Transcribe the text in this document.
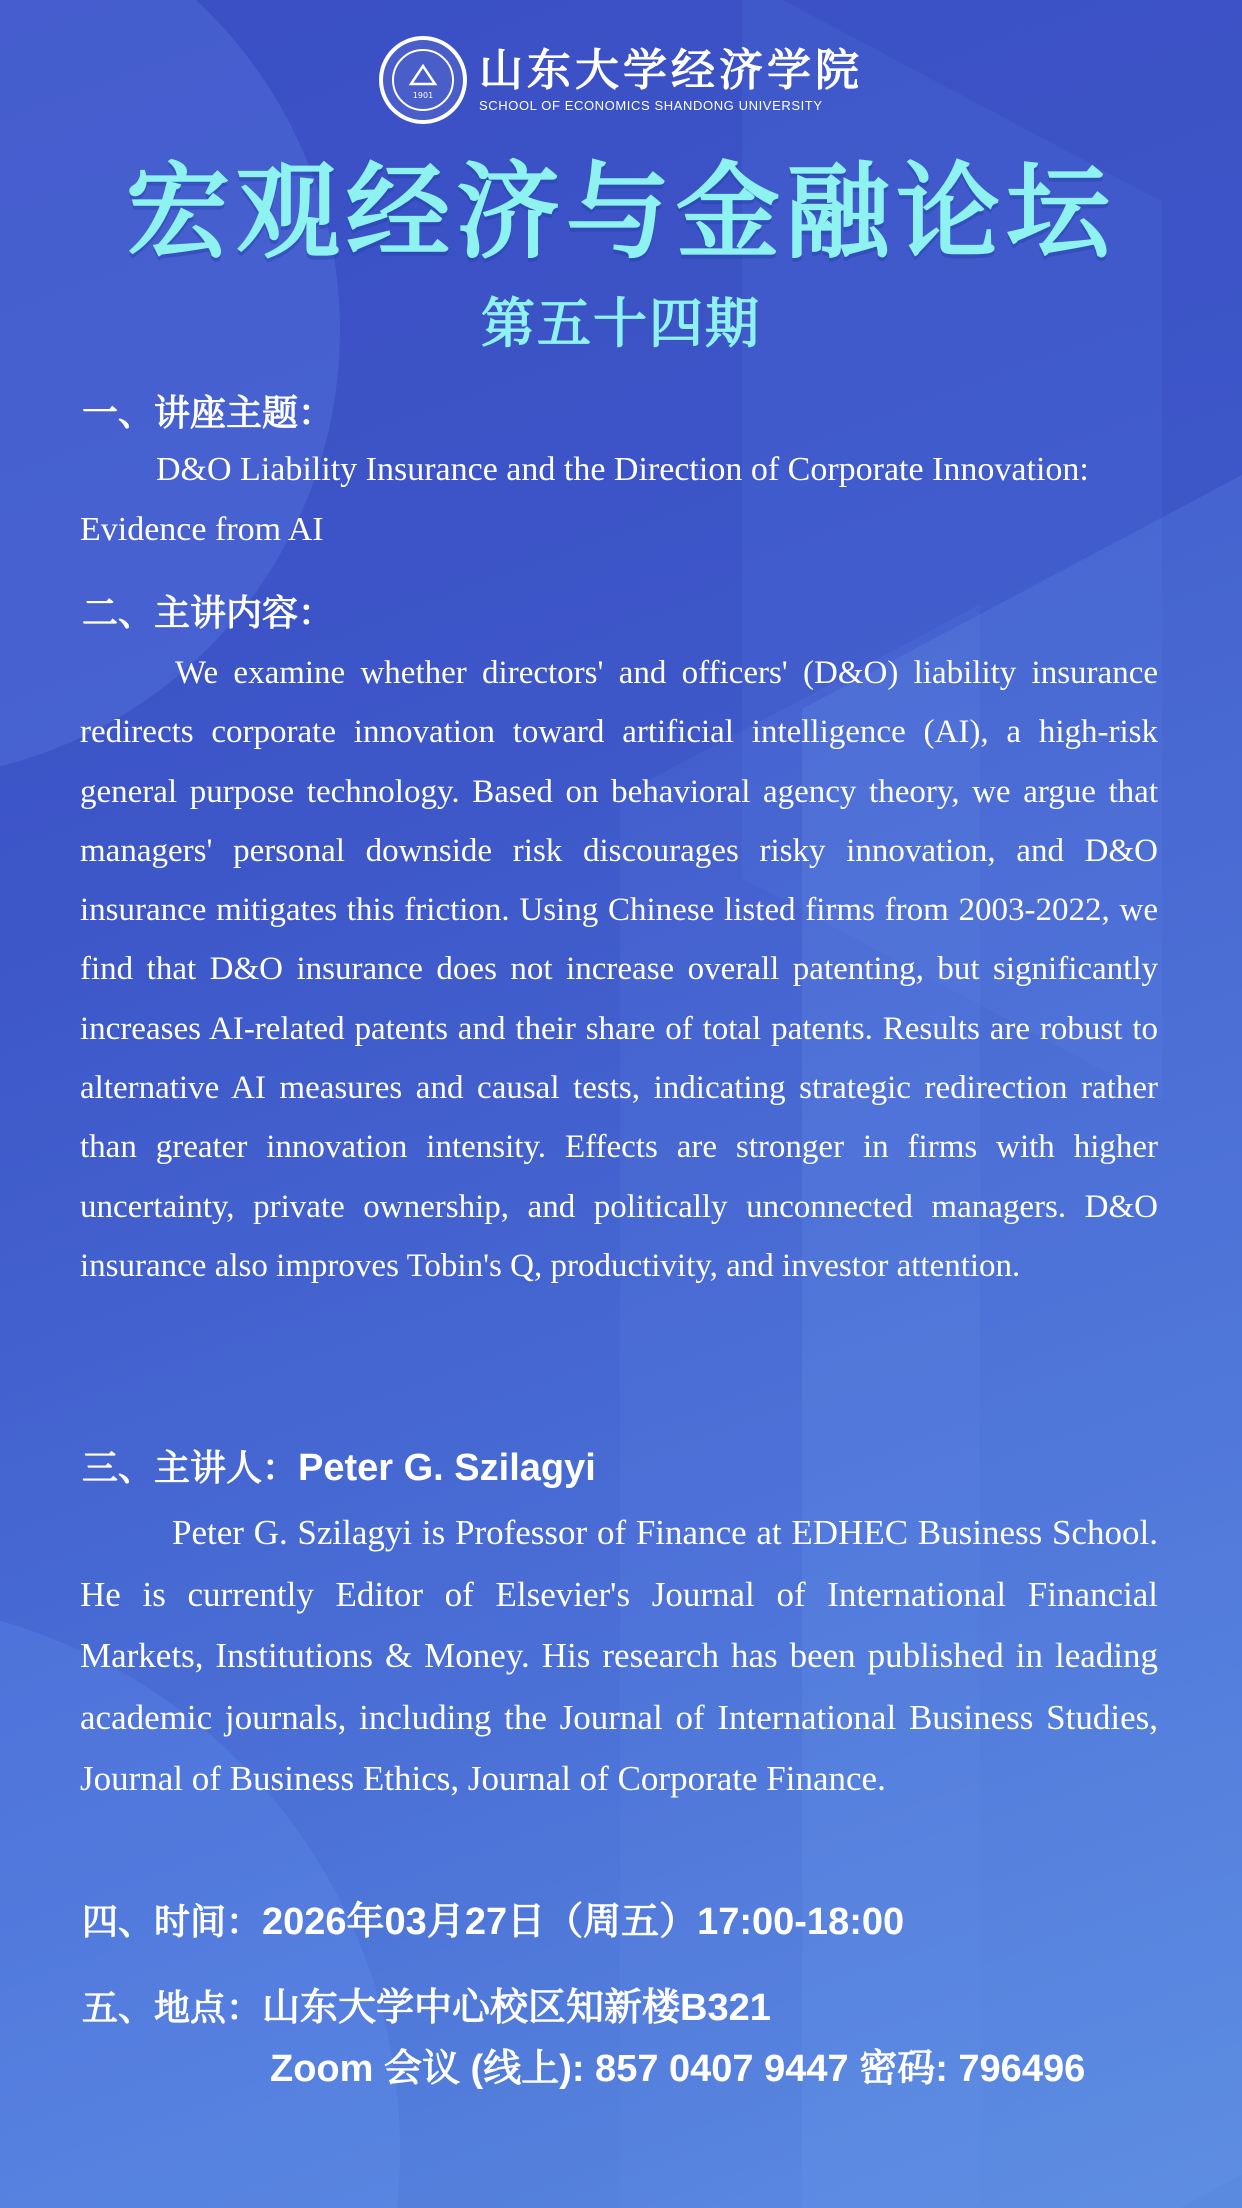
1901 山东大学经济学院
SCHOOL OF ECONOMICS SHANDONG UNIVERSITY
宏观经济与金融论坛
第五十四期
一、讲座主题：
D&O Liability Insurance and the Direction of Corporate Innovation: Evidence from AI
二、主讲内容：
We examine whether directors' and officers' (D&O) liability insurance redirects corporate innovation toward artificial intelligence (AI), a high-risk general purpose technology. Based on behavioral agency theory, we argue that managers' personal downside risk discourages risky innovation, and D&O insurance mitigates this friction. Using Chinese listed firms from 2003-2022, we find that D&O insurance does not increase overall patenting, but significantly increases AI-related patents and their share of total patents. Results are robust to alternative AI measures and causal tests, indicating strategic redirection rather than greater innovation intensity. Effects are stronger in firms with higher uncertainty, private ownership, and politically unconnected managers. D&O insurance also improves Tobin's Q, productivity, and investor attention.
三、主讲人：Peter G. Szilagyi
Peter G. Szilagyi is Professor of Finance at EDHEC Business School. He is currently Editor of Elsevier's Journal of International Financial Markets, Institutions & Money. His research has been published in leading academic journals, including the Journal of International Business Studies, Journal of Business Ethics, Journal of Corporate Finance.
四、时间：2026年03月27日（周五）17:00-18:00
五、地点：山东大学中心校区知新楼B321
Zoom 会议 (线上): 857 0407 9447 密码: 796496
